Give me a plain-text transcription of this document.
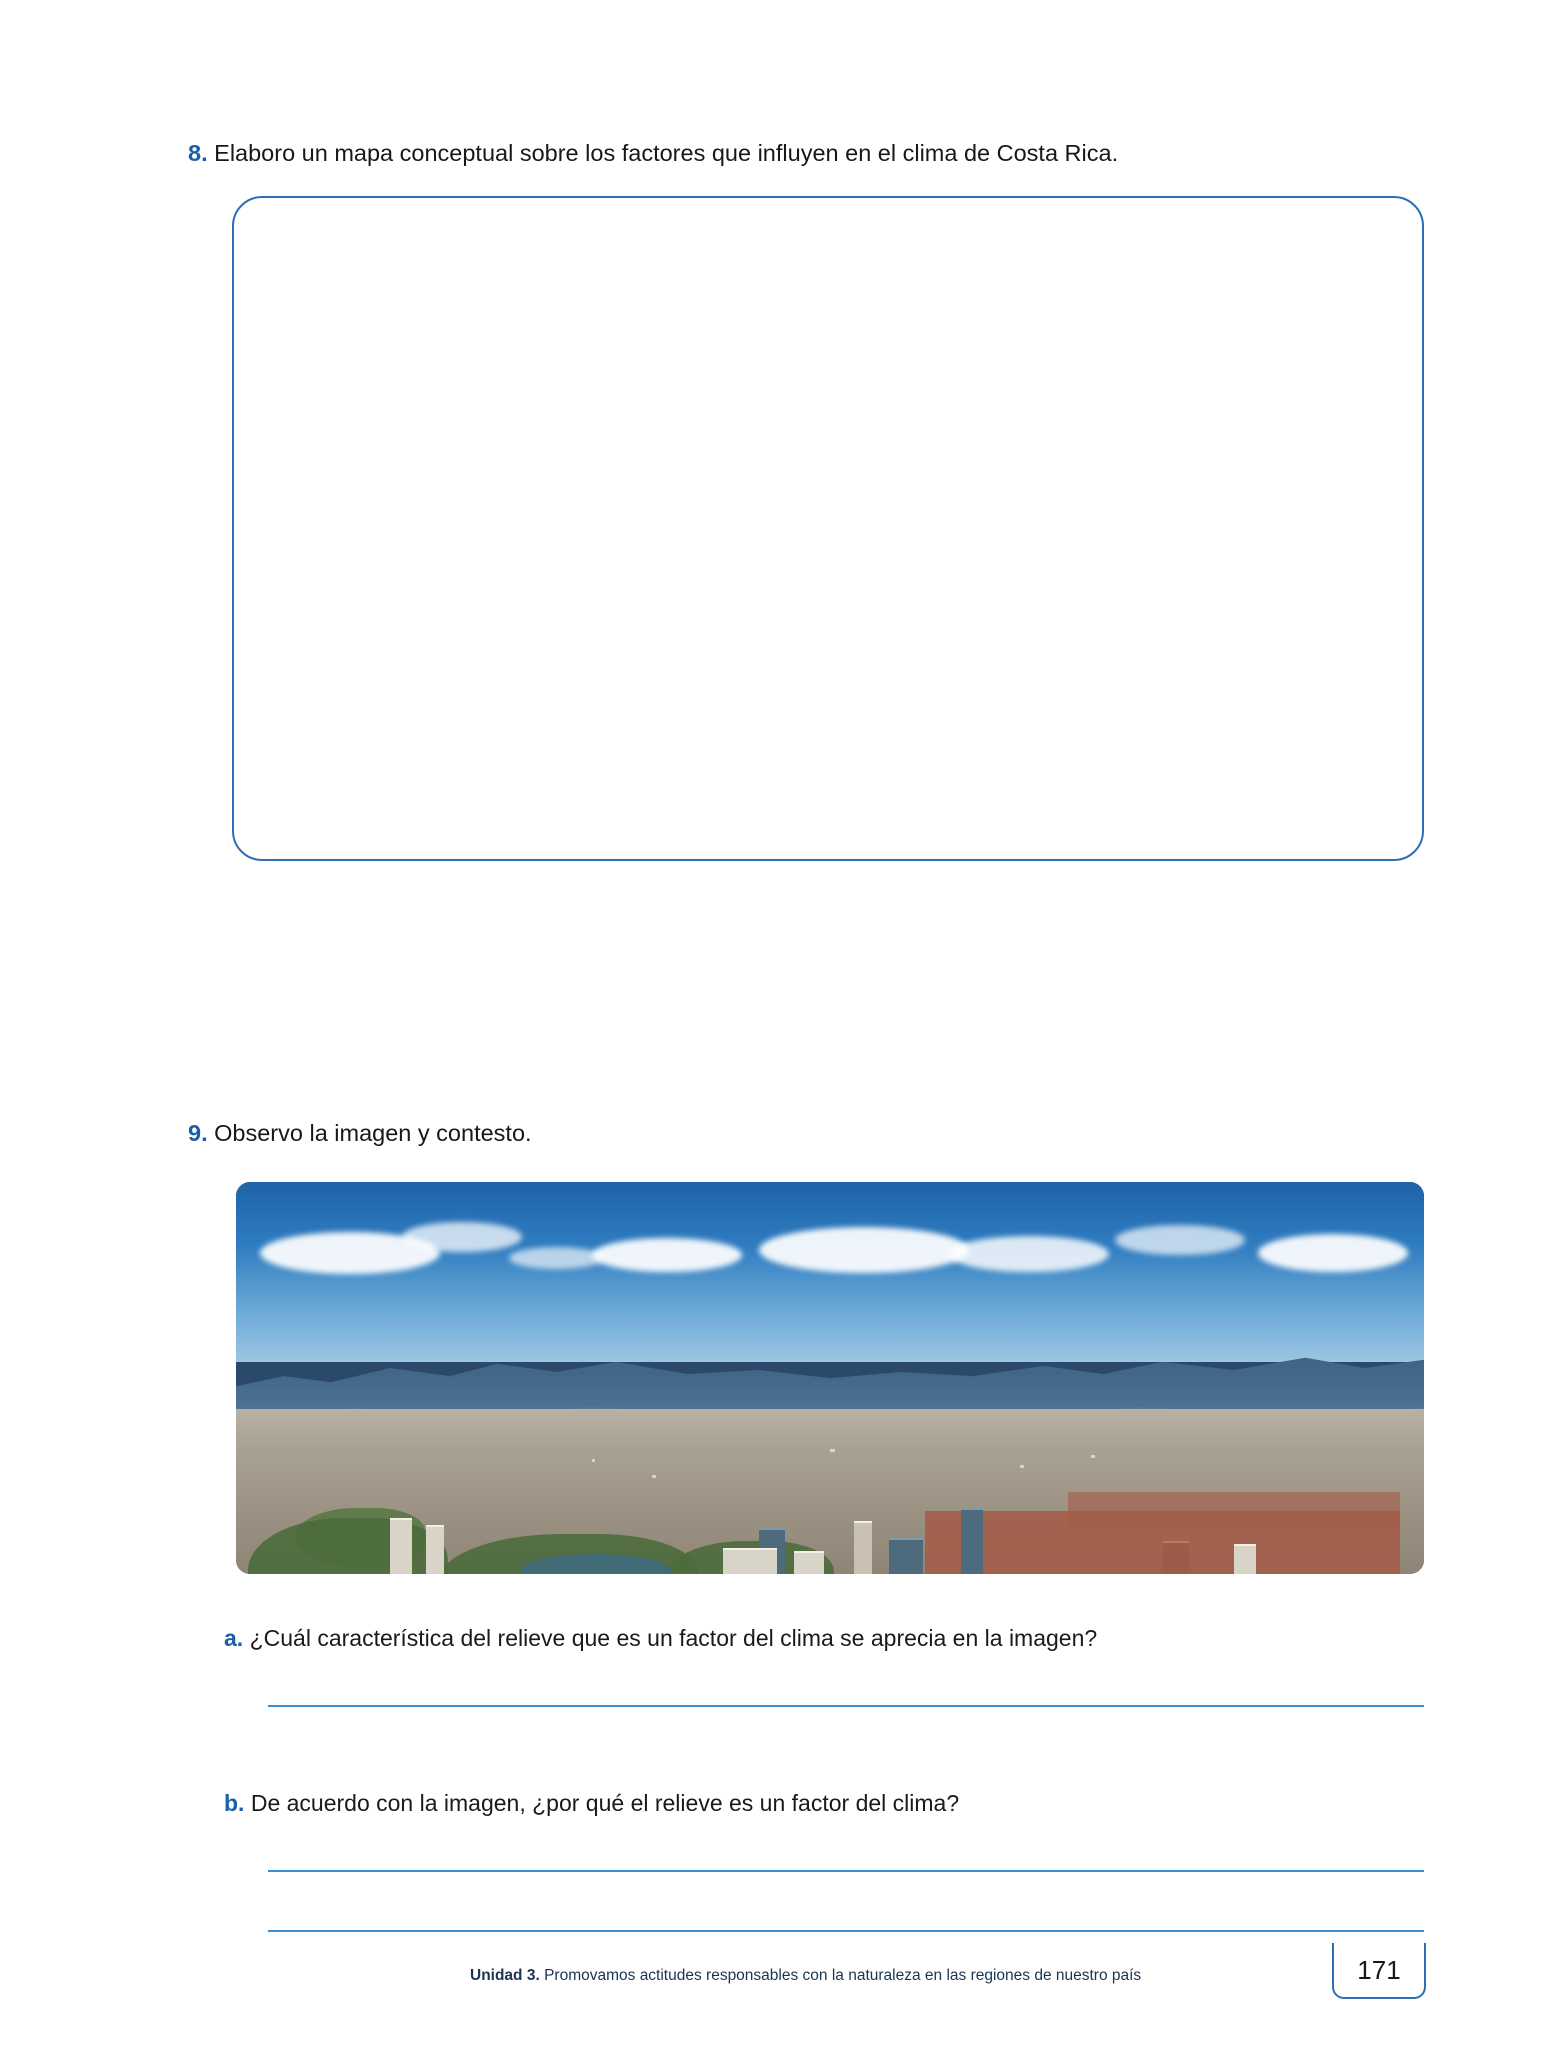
8. Elaboro un mapa conceptual sobre los factores que influyen en el clima de Costa Rica.
9. Observo la imagen y contesto.
a. ¿Cuál característica del relieve que es un factor del clima se aprecia en la imagen?
b. De acuerdo con la imagen, ¿por qué el relieve es un factor del clima?
Unidad 3. Promovamos actitudes responsables con la naturaleza en las regiones de nuestro país	171
